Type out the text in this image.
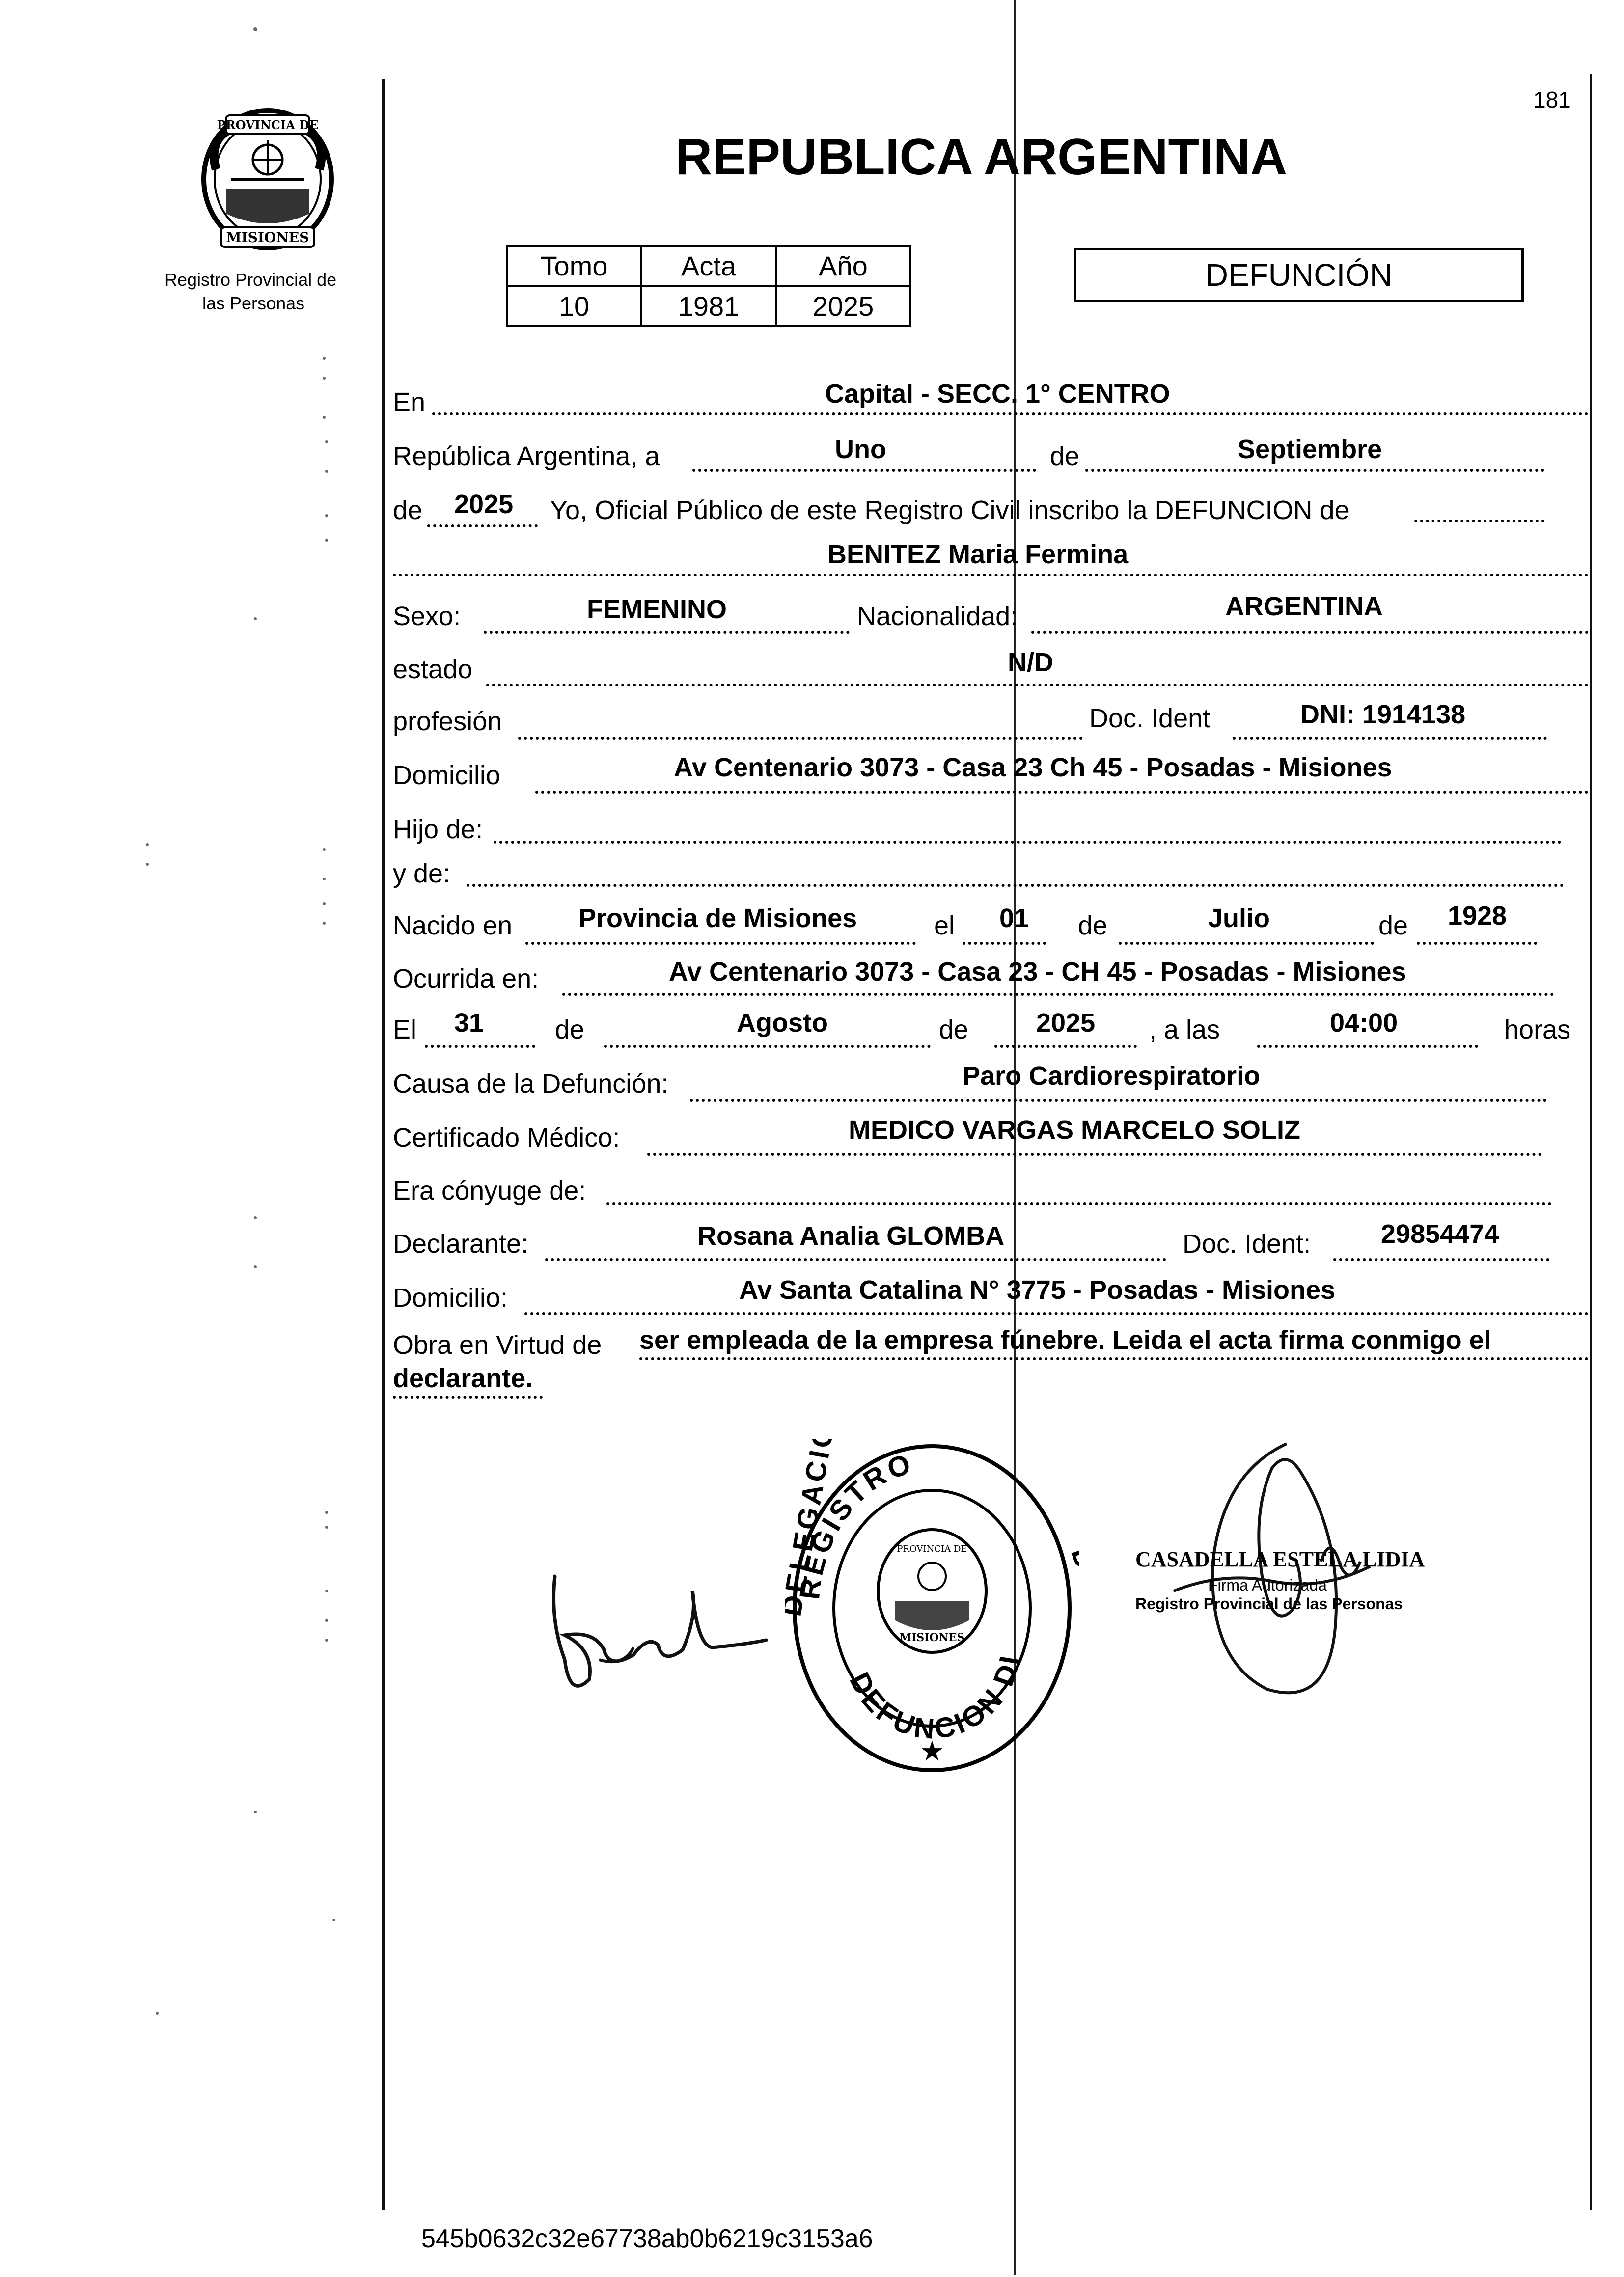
PROVINCIA DE
MISIONES
Registro Provincial de
las Personas
181
REPUBLICA ARGENTINA
Tomo	Acta	Año
10	1981	2025
DEFUNCIÓN
En	Capital - SECC. 1° CENTRO
República Argentina, a	Uno	de	Septiembre
de 2025 Yo, Oficial Público de este Registro Civil inscribo la DEFUNCION de
BENITEZ Maria Fermina
Sexo:	FEMENINO	Nacionalidad:	ARGENTINA
estado	N/D
profesión	Doc. Ident	DNI: 1914138
Domicilio	Av Centenario 3073 - Casa 23 Ch 45 - Posadas - Misiones
Hijo de:
y de:
Nacido en Provincia de Misiones	el 01 de	Julio	de 1928
Ocurrida en:	Av Centenario 3073 - Casa 23 - CH 45 - Posadas - Misiones
El 31	de	Agosto	de	2025 , a las	04:00	horas
Causa de la Defunción:	Paro Cardiorespiratorio
Certificado Médico:	MEDICO VARGAS MARCELO SOLIZ
Era cónyuge de:
Declarante:	Rosana Analia GLOMBA	Doc. Ident:	29854474
Domicilio:	Av Santa Catalina N° 3775 - Posadas - Misiones
Obra en Virtud de ser empleada de la empresa fúnebre. Leida el acta firma conmigo el
declarante.
REGISTRO
DELEGACIÓN	DE
DEFUNCION DI
PROVINCIA DE
MISIONES
★
CASADELLA ESTELA LIDIA
Firma Autorizada
Registro Provincial de las Personas
545b0632c32e67738ab0b6219c3153a6
